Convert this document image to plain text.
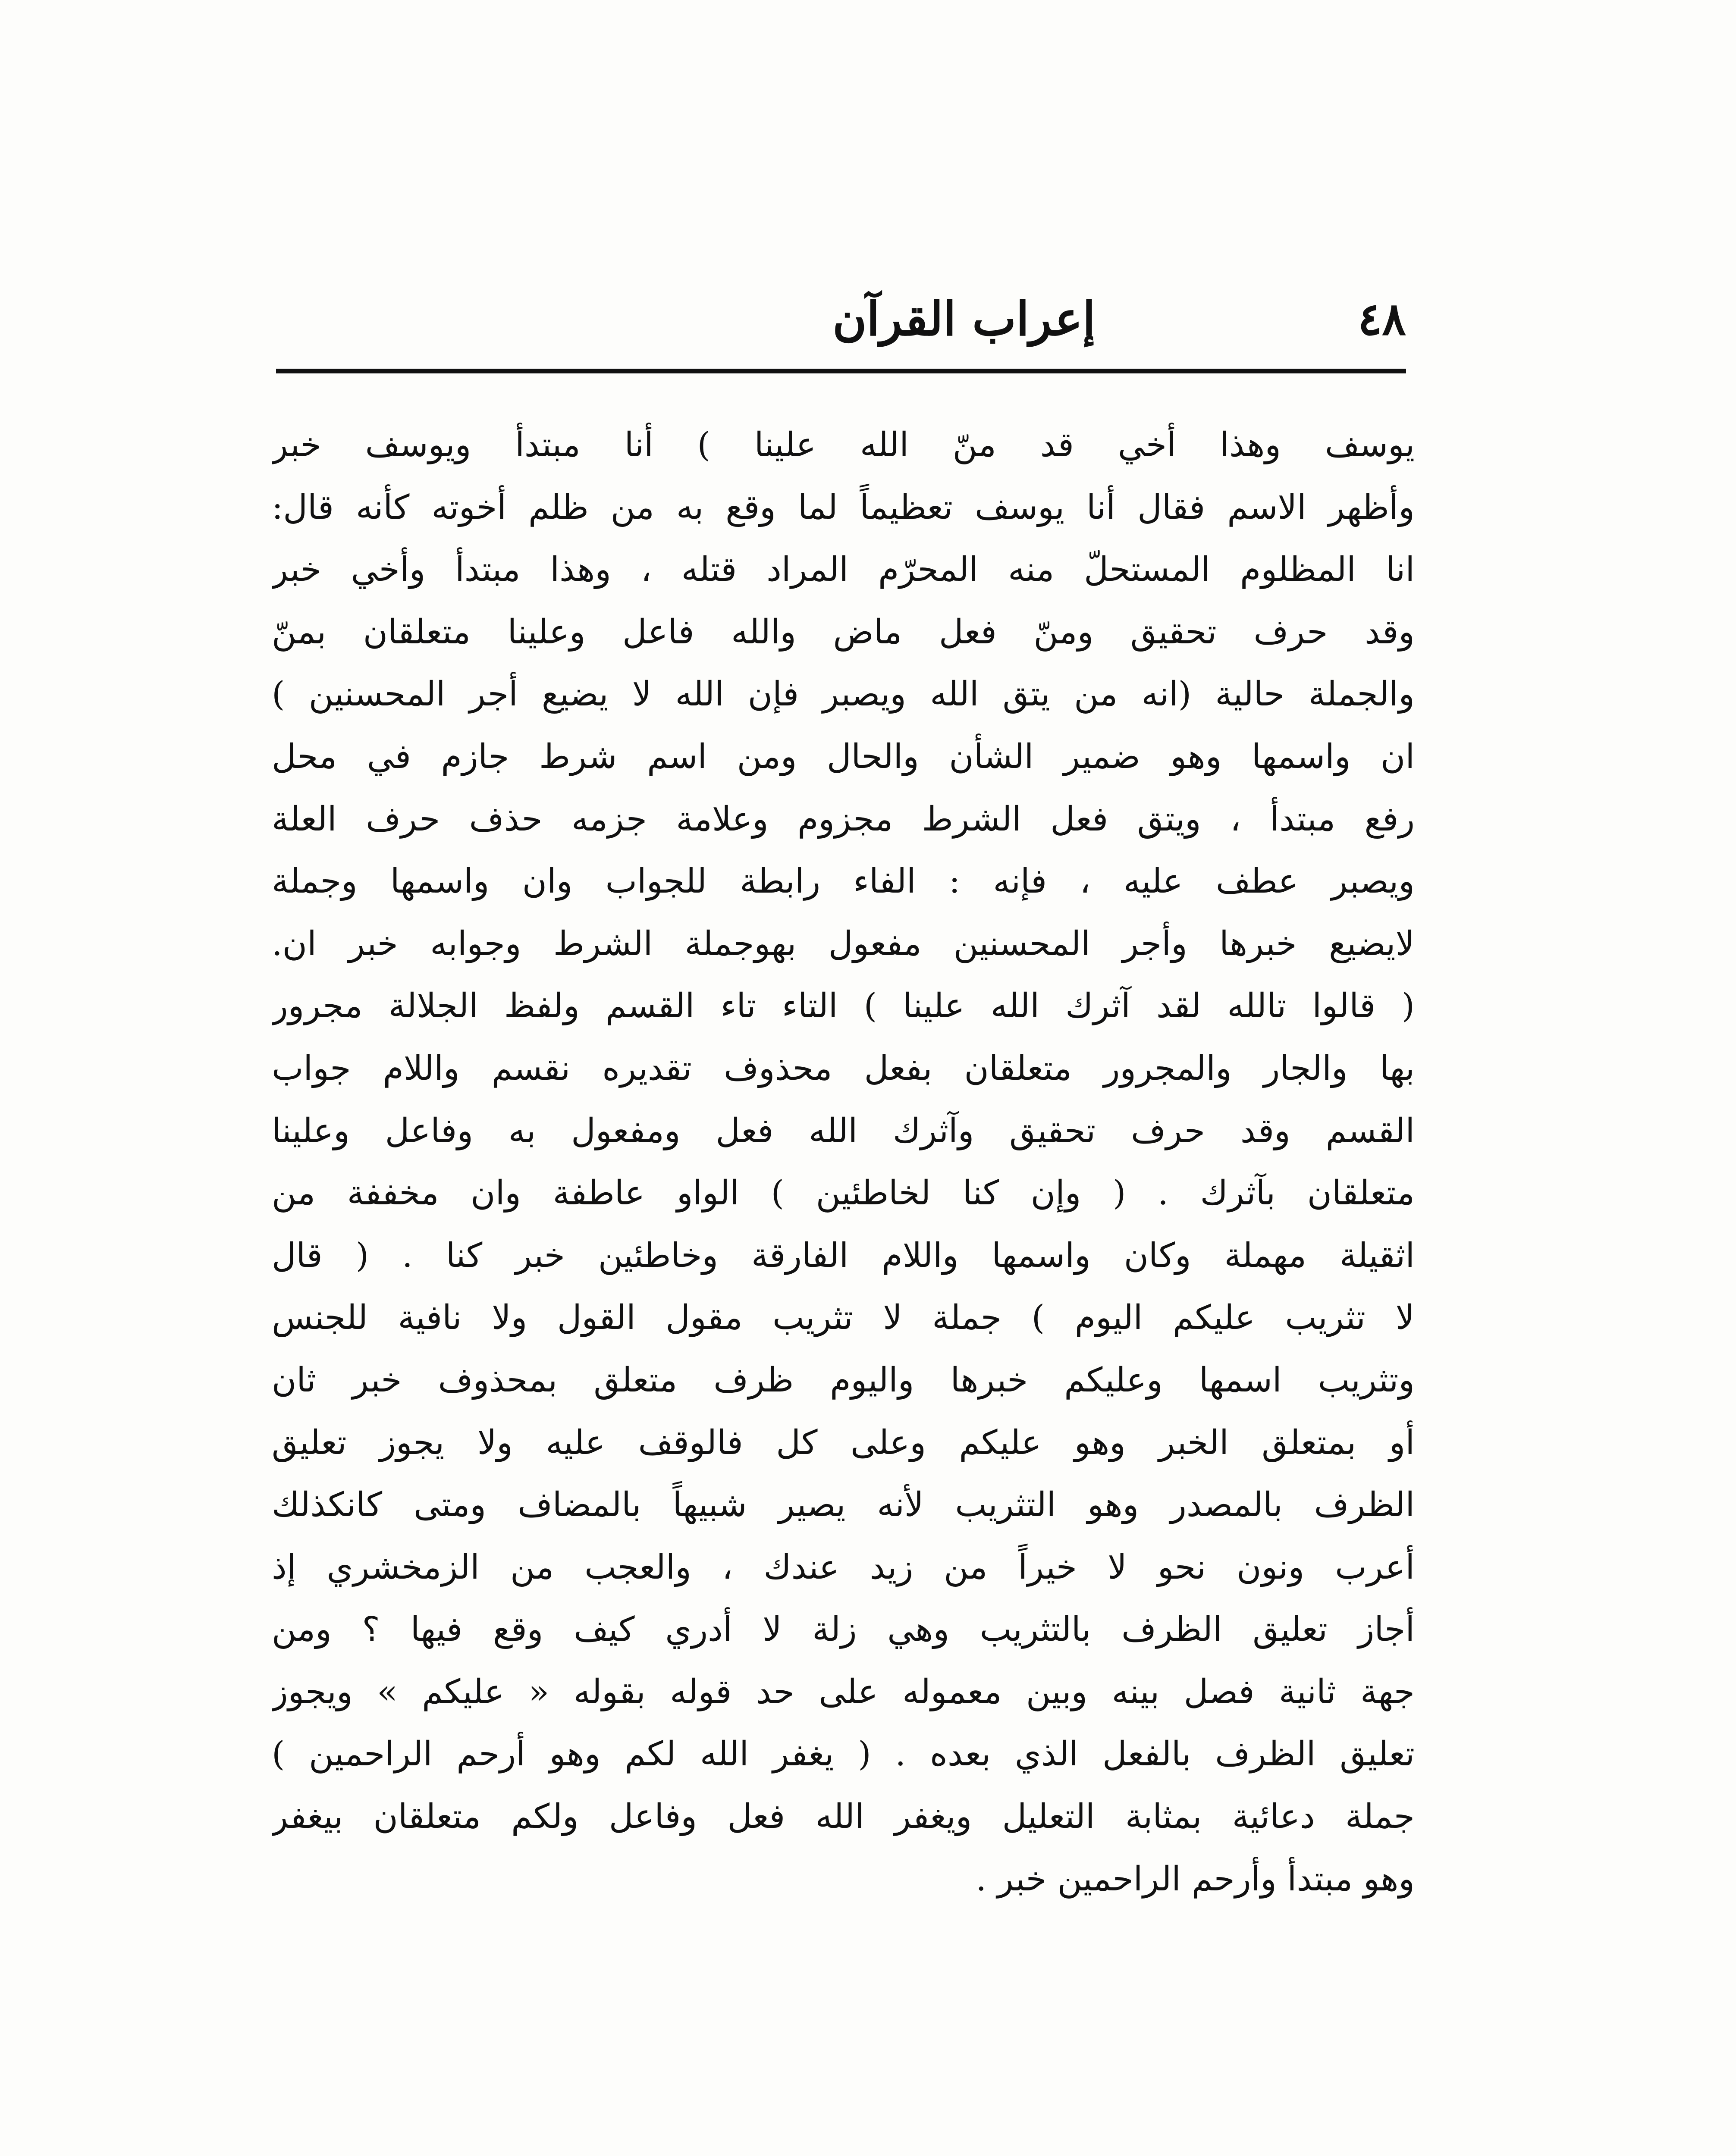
٤٨
إعراب القرآن
يوسف وهذا أخي قد منّ الله علينا ) أنا مبتدأ ويوسف خبر
وأظهر الاسم فقال أنا يوسف تعظيماً لما وقع به من ظلم أخوته كأنه قال:
انا المظلوم المستحلّ منه المحرّم المراد قتله ، وهذا مبتدأ وأخي خبر
وقد حرف تحقيق ومنّ فعل ماض والله فاعل وعلينا متعلقان بمنّ
والجملة حالية (انه من يتق الله ويصبر فإن الله لا يضيع أجر المحسنين )
ان واسمها وهو ضمير الشأن والحال ومن اسم شرط جازم في محل
رفع مبتدأ ، ويتق فعل الشرط مجزوم وعلامة جزمه حذف حرف العلة
ويصبر عطف عليه ، فإنه : الفاء رابطة للجواب وان واسمها وجملة
لايضيع خبرها وأجر المحسنين مفعول بهوجملة الشرط وجوابه خبر ان.
( قالوا تالله لقد آثرك الله علينا ) التاء تاء القسم ولفظ الجلالة مجرور
بها والجار والمجرور متعلقان بفعل محذوف تقديره نقسم واللام جواب
القسم وقد حرف تحقيق وآثرك الله فعل ومفعول به وفاعل وعلينا
متعلقان بآثرك . ( وإن كنا لخاطئين ) الواو عاطفة وان مخففة من
اثقيلة مهملة وكان واسمها واللام الفارقة وخاطئين خبر كنا . ( قال
لا تثريب عليكم اليوم ) جملة لا تثريب مقول القول ولا نافية للجنس
وتثريب اسمها وعليكم خبرها واليوم ظرف متعلق بمحذوف خبر ثان
أو بمتعلق الخبر وهو عليكم وعلى كل فالوقف عليه ولا يجوز تعليق
الظرف بالمصدر وهو التثريب لأنه يصير شبيهاً بالمضاف ومتى كانكذلك
أعرب ونون نحو لا خيراً من زيد عندك ، والعجب من الزمخشري إذ
أجاز تعليق الظرف بالتثريب وهي زلة لا أدري كيف وقع فيها ؟ ومن
جهة ثانية فصل بينه وبين معموله على حد قوله بقوله « عليكم » ويجوز
تعليق الظرف بالفعل الذي بعده . ( يغفر الله لكم وهو أرحم الراحمين )
جملة دعائية بمثابة التعليل ويغفر الله فعل وفاعل ولكم متعلقان بيغفر
وهو مبتدأ وأرحم الراحمين خبر .
